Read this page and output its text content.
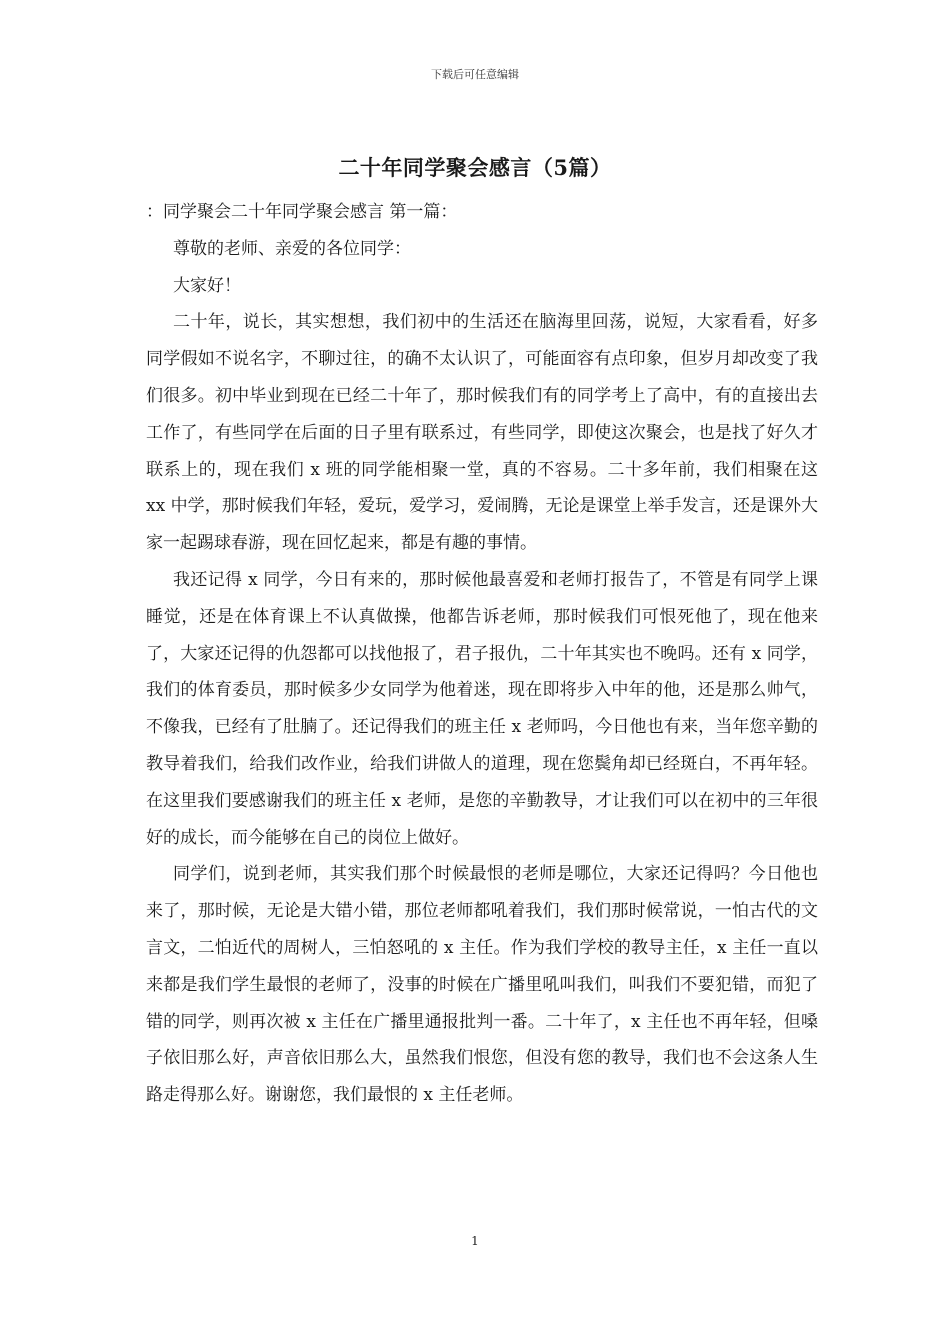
下载后可任意编辑
二十年同学聚会感言（5篇）

：同学聚会二十年同学聚会感言 第一篇：

尊敬的老师、亲爱的各位同学：

大家好！

二十年，说长，其实想想，我们初中的生活还在脑海里回荡，说短，大家看看，好多同学假如不说名字，不聊过往，的确不太认识了，可能面容有点印象，但岁月却改变了我们很多。初中毕业到现在已经二十年了，那时候我们有的同学考上了高中，有的直接出去工作了，有些同学在后面的日子里有联系过，有些同学，即使这次聚会，也是找了好久才联系上的，现在我们 x 班的同学能相聚一堂，真的不容易。二十多年前，我们相聚在这 xx 中学，那时候我们年轻，爱玩，爱学习，爱闹腾，无论是课堂上举手发言，还是课外大家一起踢球春游，现在回忆起来，都是有趣的事情。

我还记得 x 同学，今日有来的，那时候他最喜爱和老师打报告了，不管是有同学上课睡觉，还是在体育课上不认真做操，他都告诉老师，那时候我们可恨死他了，现在他来了，大家还记得的仇怨都可以找他报了，君子报仇，二十年其实也不晚吗。还有 x 同学，我们的体育委员，那时候多少女同学为他着迷，现在即将步入中年的他，还是那么帅气，不像我，已经有了肚腩了。还记得我们的班主任 x 老师吗，今日他也有来，当年您辛勤的教导着我们，给我们改作业，给我们讲做人的道理，现在您鬓角却已经斑白，不再年轻。在这里我们要感谢我们的班主任 x 老师，是您的辛勤教导，才让我们可以在初中的三年很好的成长，而今能够在自己的岗位上做好。

同学们，说到老师，其实我们那个时候最恨的老师是哪位，大家还记得吗？今日他也来了，那时候，无论是大错小错，那位老师都吼着我们，我们那时候常说，一怕古代的文言文，二怕近代的周树人，三怕怒吼的 x 主任。作为我们学校的教导主任，x 主任一直以来都是我们学生最恨的老师了，没事的时候在广播里吼叫我们，叫我们不要犯错，而犯了错的同学，则再次被 x 主任在广播里通报批判一番。二十年了，x 主任也不再年轻，但嗓子依旧那么好，声音依旧那么大，虽然我们恨您，但没有您的教导，我们也不会这条人生路走得那么好。谢谢您，我们最恨的 x 主任老师。

1
